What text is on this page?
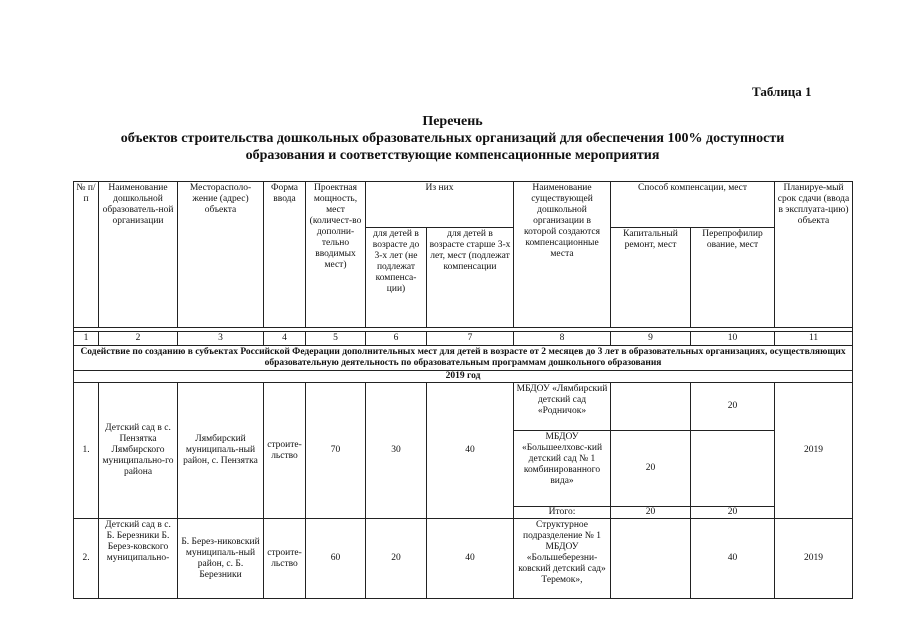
Таблица 1
Перечень
объектов строительства дошкольных образовательных организаций для обеспечения 100% доступности
образования и соответствующие компенсационные мероприятия
№ п/п	Наименование дошкольной образователь-ной организации	Месторасполо-жение (адрес) объекта	Форма ввода	Проектная мощность, мест (количест-во дополни-тельно вводимых мест)	Из них		Наименование существующей дошкольной организации в которой создаются компенсационные места	Способ компенсации, мест		Планируе-мый срок сдачи (ввода в эксплуата-цию) объекта
					для детей в возрасте до 3-х лет (не подлежат компенса-ции)	для детей в возрасте старше 3-х лет, мест (подлежат компенсации		Капитальный ремонт, мест	Перепрофилир ование, мест	

1	2	3	4	5	6	7	8	9	10	11
Содействие по созданию в субъектах Российской Федерации дополнительных мест для детей в возрасте от 2 месяцев до 3 лет в образовательных организациях, осуществляющих образовательную деятельность по образовательным программам дошкольного образования										
2019 год										
1.	Детский сад в с. Пензятка Лямбирского муниципально-го района	Лямбирский муниципаль-ный район, с. Пензятка	строите-льство	70	30	40	МБДОУ «Лямбирский детский сад «Родничок»		20	2019
							МБДОУ «Большеелховс-кий детский сад № 1 комбинированного вида»	20		
							Итого:	20	20	
2.	Детский сад в с. Б. Березники Б. Берез-ковского муниципально-	Б. Берез-никовский муниципаль-ный район, с. Б. Березники	строите-льство	60	20	40	Структурное подразделение № 1 МБДОУ «Большеберезни-ковский детский сад» Теремок»,		40	2019
